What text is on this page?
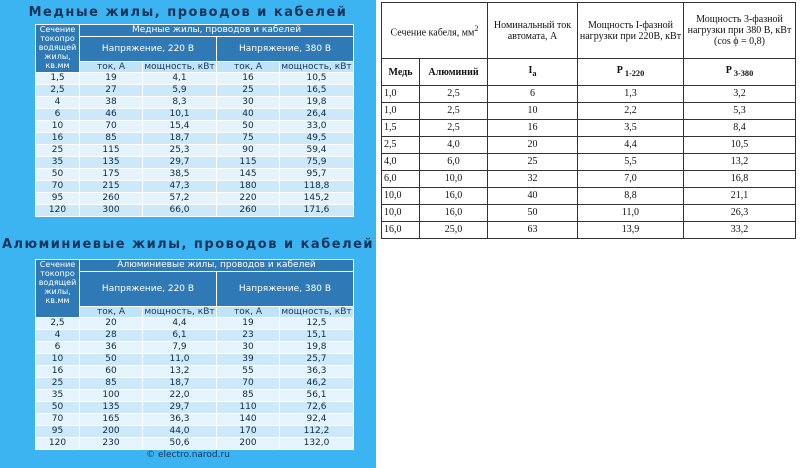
Медные жилы, проводов и кабелей
Сечение токопро водящей жилы, кв.мм	Медные жилы, проводов и кабелей			
	Напряжение, 220 В		Напряжение, 380 В	
	ток, А	мощность, кВт	ток, А	мощность, кВт
1,5	19	4,1	16	10,5
2,5	27	5,9	25	16,5
4	38	8,3	30	19,8
6	46	10,1	40	26,4
10	70	15,4	50	33,0
16	85	18,7	75	49,5
25	115	25,3	90	59,4
35	135	29,7	115	75,9
50	175	38,5	145	95,7
70	215	47,3	180	118,8
95	260	57,2	220	145,2
120	300	66,0	260	171,6
Алюминиевые жилы, проводов и кабелей
Сечение токопро водящей жилы, кв.мм	Алюминиевые жилы, проводов и кабелей			
	Напряжение, 220 В		Напряжение, 380 В	
	ток, А	мощность, кВт	ток, А	мощность, кВт
2,5	20	4,4	19	12,5
4	28	6,1	23	15,1
6	36	7,9	30	19,8
10	50	11,0	39	25,7
16	60	13,2	55	36,3
25	85	18,7	70	46,2
35	100	22,0	85	56,1
50	135	29,7	110	72,6
70	165	36,3	140	92,4
95	200	44,0	170	112,2
120	230	50,6	200	132,0
© electro.narod.ru
Сечение кабеля, $мм^2$		Номинальный ток автомата, А	Мощность I-фазной нагрузки при 220В, кВт	Мощность 3-фазной нагрузки при 380 В, кВт (cos ϕ = 0,8)
Медь	Алюминий	$I_a$	P $_{1-220}$	P $_{3-380}$
1,0	2,5	6	1,3	3,2
1,0	2,5	10	2,2	5,3
1,5	2,5	16	3,5	8,4
2,5	4,0	20	4,4	10,5
4,0	6,0	25	5,5	13,2
6,0	10,0	32	7,0	16,8
10,0	16,0	40	8,8	21,1
10,0	16,0	50	11,0	26,3
16,0	25,0	63	13,9	33,2
